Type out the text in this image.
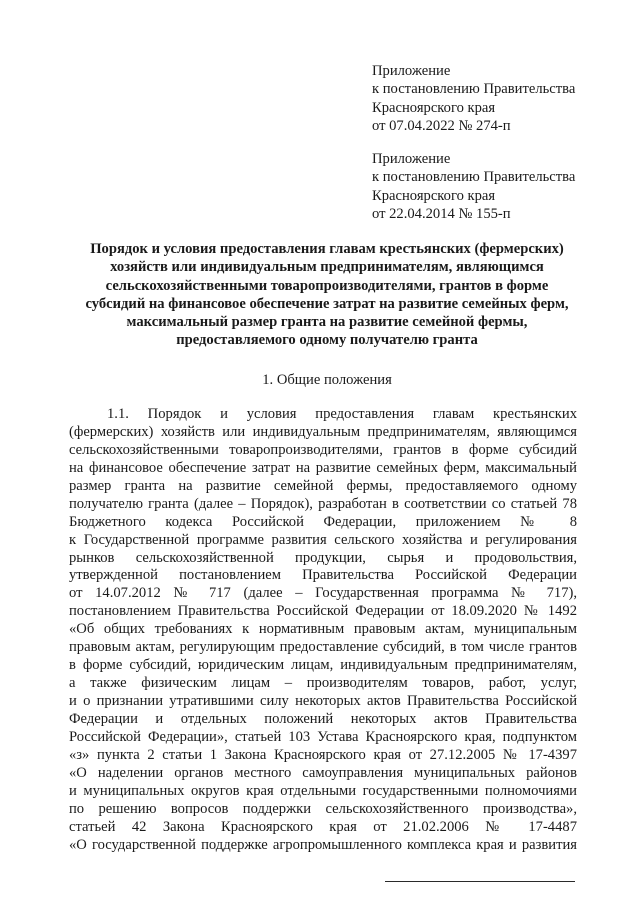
Приложение
к постановлению Правительства
Красноярского края
от 07.04.2022 № 274-п
Приложение
к постановлению Правительства
Красноярского края
от 22.04.2014 № 155-п
Порядок и условия предоставления главам крестьянских (фермерских)
хозяйств или индивидуальным предпринимателям, являющимся
сельскохозяйственными товаропроизводителями, грантов в форме
субсидий на финансовое обеспечение затрат на развитие семейных ферм,
максимальный размер гранта на развитие семейной фермы,
предоставляемого одному получателю гранта
1. Общие положения
1.1. Порядок и условия предоставления главам крестьянских
(фермерских) хозяйств или индивидуальным предпринимателям, являющимся
сельскохозяйственными товаропроизводителями, грантов в форме субсидий
на финансовое обеспечение затрат на развитие семейных ферм, максимальный
размер гранта на развитие семейной фермы, предоставляемого одному
получателю гранта (далее – Порядок), разработан в соответствии со статьей 78
Бюджетного кодекса Российской Федерации, приложением № 8
к Государственной программе развития сельского хозяйства и регулирования
рынков сельскохозяйственной продукции, сырья и продовольствия,
утвержденной постановлением Правительства Российской Федерации
от 14.07.2012 № 717 (далее – Государственная программа № 717),
постановлением Правительства Российской Федерации от 18.09.2020 № 1492
«Об общих требованиях к нормативным правовым актам, муниципальным
правовым актам, регулирующим предоставление субсидий, в том числе грантов
в форме субсидий, юридическим лицам, индивидуальным предпринимателям,
а также физическим лицам – производителям товаров, работ, услуг,
и о признании утратившими силу некоторых актов Правительства Российской
Федерации и отдельных положений некоторых актов Правительства
Российской Федерации», статьей 103 Устава Красноярского края, подпунктом
«з» пункта 2 статьи 1 Закона Красноярского края от 27.12.2005 № 17-4397
«О наделении органов местного самоуправления муниципальных районов
и муниципальных округов края отдельными государственными полномочиями
по решению вопросов поддержки сельскохозяйственного производства»,
статьей 42 Закона Красноярского края от 21.02.2006 № 17-4487
«О государственной поддержке агропромышленного комплекса края и развития
